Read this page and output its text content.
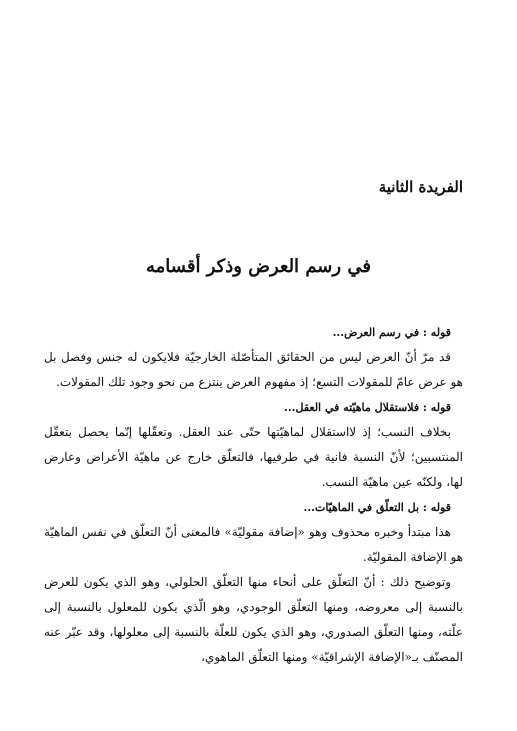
الفريدة الثانية
في رسم العرض وذكر أقسامه

قوله : في رسم العرض...

قد مرّ أنّ العرض ليس من الحقائق المتأصّلة الخارجيّة فلايكون له جنس وفصل بل هو عرض عامّ للمقولات التسع؛ إذ مفهوم العرض ينتزع من نحو وجود تلك المقولات.

قوله : فلاستقلال ماهيّته في العقل...

بخلاف النسب؛ إذ لااستقلال لماهيّتها حتّى عند العقل. وتعقّلها إنّما يحصل بتعقّل المنتسبين؛ لأنّ النسبة فانية في طرفيها، فالتعلّق خارج عن ماهيّة الأعراض وعارض لها، ولكنّه عين ماهيّة النسب.

قوله : بل التعلّق في الماهيّات...

هذا مبتدأ وخبره محذوف وهو «إضافة مقوليّة» فالمعنى أنّ التعلّق في نفس الماهيّة هو الإضافة المقوليّة.

وتوضيح ذلك : أنّ التعلّق على أنحاء منها التعلّق الحلولي، وهو الذي يكون للعرض بالنسبة إلى معروضه، ومنها التعلّق الوجودي، وهو الّذي يكون للمعلول بالنسبة إلى علّته، ومنها التعلّق الصدوري، وهو الذي يكون للعلّة بالنسبة إلى معلولها، وقد عبّر عنه المصنّف بـ«الإضافة الإشراقيّة» ومنها التعلّق الماهوي،
